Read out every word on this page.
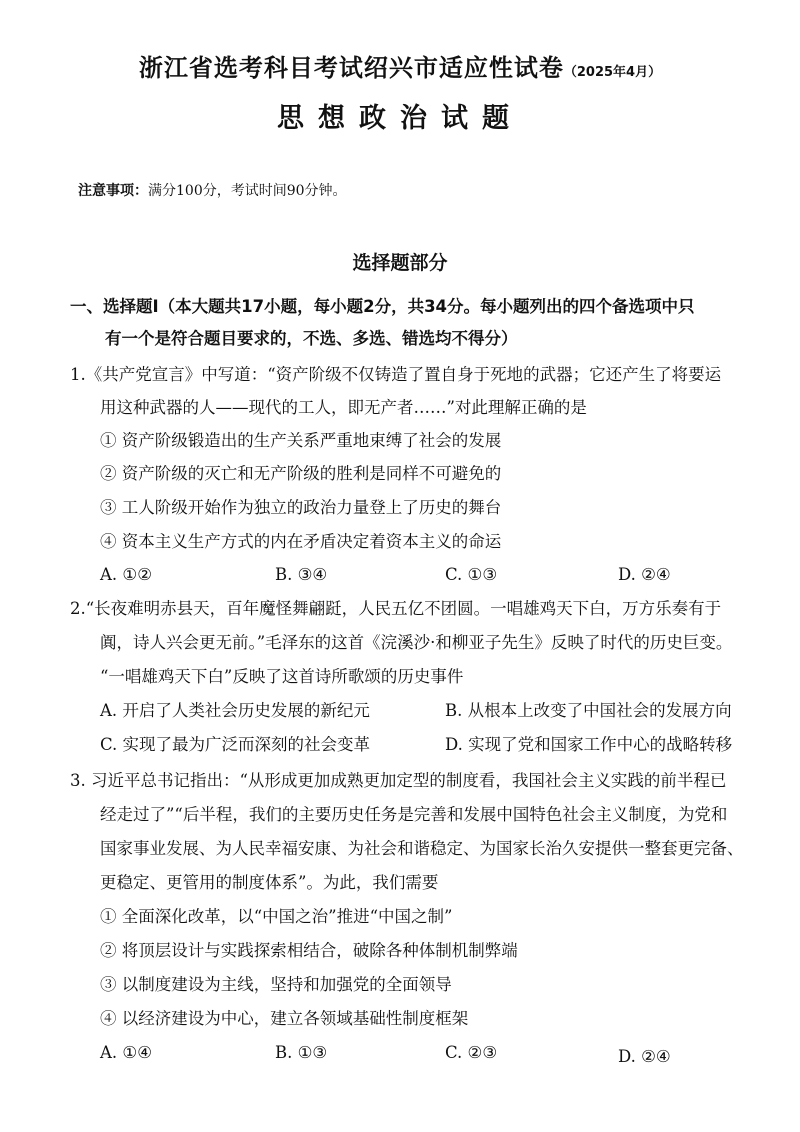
浙江省选考科目考试绍兴市适应性试卷（2025年4月）
思想政治试题
注意事项：满分100分，考试时间90分钟。
选择题部分
一、选择题Ⅰ（本大题共17小题，每小题2分，共34分。每小题列出的四个备选项中只
有一个是符合题目要求的，不选、多选、错选均不得分）
1.《共产党宣言》中写道：“资产阶级不仅铸造了置自身于死地的武器；它还产生了将要运
用这种武器的人——现代的工人，即无产者……”对此理解正确的是
① 资产阶级锻造出的生产关系严重地束缚了社会的发展
② 资产阶级的灭亡和无产阶级的胜利是同样不可避免的
③ 工人阶级开始作为独立的政治力量登上了历史的舞台
④ 资本主义生产方式的内在矛盾决定着资本主义的命运
A. ①②	B. ③④	C. ①③	D. ②④
2.“长夜难明赤县天，百年魔怪舞翩跹，人民五亿不团圆。一唱雄鸡天下白，万方乐奏有于
阗，诗人兴会更无前。”毛泽东的这首《浣溪沙·和柳亚子先生》反映了时代的历史巨变。
“一唱雄鸡天下白”反映了这首诗所歌颂的历史事件
A. 开启了人类社会历史发展的新纪元	B. 从根本上改变了中国社会的发展方向
C. 实现了最为广泛而深刻的社会变革	D. 实现了党和国家工作中心的战略转移
3. 习近平总书记指出：“从形成更加成熟更加定型的制度看，我国社会主义实践的前半程已
经走过了”“后半程，我们的主要历史任务是完善和发展中国特色社会主义制度，为党和
国家事业发展、为人民幸福安康、为社会和谐稳定、为国家长治久安提供一整套更完备、
更稳定、更管用的制度体系”。为此，我们需要
① 全面深化改革，以“中国之治”推进“中国之制”
② 将顶层设计与实践探索相结合，破除各种体制机制弊端
③ 以制度建设为主线，坚持和加强党的全面领导
④ 以经济建设为中心，建立各领域基础性制度框架
A. ①④	B. ①③	C. ②③	D. ②④
